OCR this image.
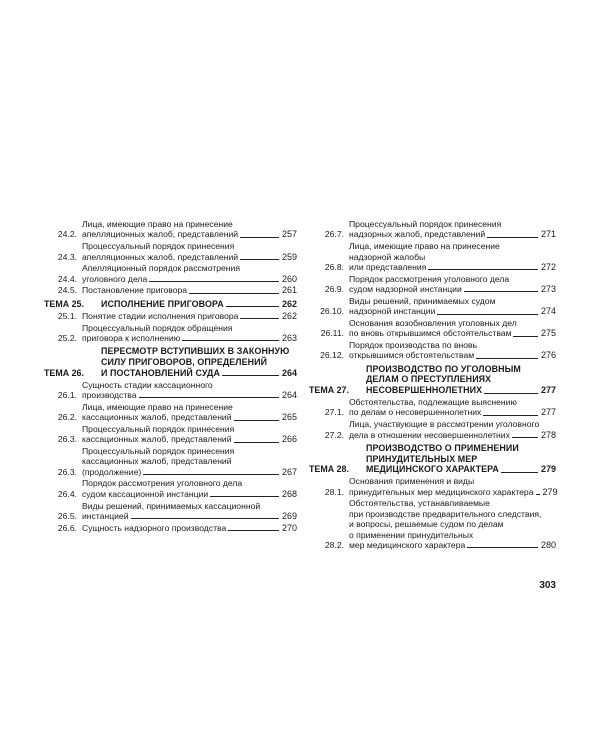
24.2.
Лица, имеющие право на принесение
апелляционных жалоб, представлений	257
24.3.
Процессуальный порядок принесения
апелляционных жалоб, представлений	259
24.4.
Апелляционный порядок рассмотрения
уголовного дела	260
24.5. Постановление приговора	261
ТЕМА 25.	ИСПОЛНЕНИЕ ПРИГОВОРА	262
25.1. Понятие стадии исполнения приговора	262
25.2.
Процессуальный порядок обращения
приговора к исполнению	263
ТЕМА 26.
ПЕРЕСМОТР ВСТУПИВШИХ В ЗАКОННУЮ
СИЛУ ПРИГОВОРОВ, ОПРЕДЕЛЕНИЙ
И ПОСТАНОВЛЕНИЙ СУДА	264
26.1.
Сущность стадии кассационного
производства	264
26.2.
Лица, имеющие право на принесение
кассационных жалоб, представлений	265
26.3.
Процессуальный порядок принесения
кассационных жалоб, представлений	266
26.3.
Процессуальный порядок принесения
кассационных жалоб, представлений
(продолжение)	267
26.4.
Порядок рассмотрения уголовного дела
судом кассационной инстанции	268
26.5.
Виды решений, принимаемых кассационной
инстанцией	269
26.6. Сущность надзорного производства	270
26.7.
Процессуальный порядок принесения
надзорных жалоб, представлений	271
26.8.
Лица, имеющие право на принесение
надзорной жалобы
или представления	272
26.9.
Порядок рассмотрения уголовного дела
судом надзорной инстанции	273
26.10.
Виды решений, принимаемых судом
надзорной инстанции	274
26.11.
Основания возобновления уголовных дел
по вновь открывшимся обстоятельствам	275
26.12.
Порядок производства по вновь
открывшимся обстоятельствам	276
ТЕМА 27.
ПРОИЗВОДСТВО ПО УГОЛОВНЫМ
ДЕЛАМ О ПРЕСТУПЛЕНИЯХ
НЕСОВЕРШЕННОЛЕТНИХ	277
27.1.
Обстоятельства, подлежащие выяснению
по делам о несовершеннолетних	277
27.2.
Лица, участвующие в рассмотрении уголовного
дела в отношении несовершеннолетних	278
ТЕМА 28.
ПРОИЗВОДСТВО О ПРИМЕНЕНИИ
ПРИНУДИТЕЛЬНЫХ МЕР
МЕДИЦИНСКОГО ХАРАКТЕРА	279
28.1.
Основания применения и виды
принудительных мер медицинского характера 279
28.2.
Обстоятельства, устанавливаемые
при производстве предварительного следствия,
и вопросы, решаемые судом по делам
о применении принудительных
мер медицинского характера	280
303
